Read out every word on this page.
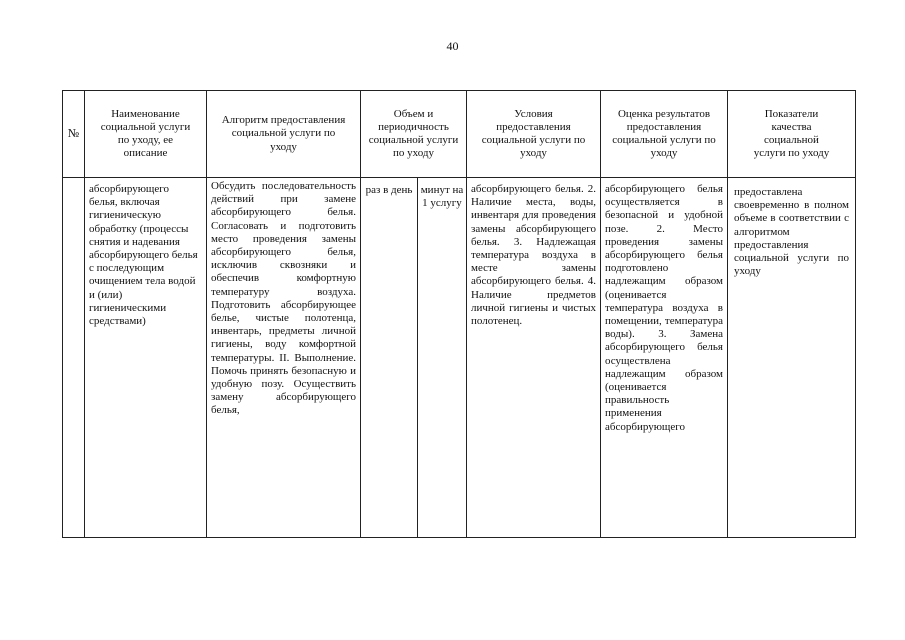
40
№
Наименование социальной услуги по уходу, ее описание
Алгоритм предоставления социальной услуги по уходу
Объем и периодичность социальной услуги по уходу
Условия предоставления социальной услуги по уходу
Оценка результатов предоставления социальной услуги по уходу
Показатели качества социальной услуги по уходу
абсорбирующего белья, включая гигиеническую обработку (процессы снятия и надевания абсорбирующего белья с последующим очищением тела водой и (или) гигиеническими средствами)
Обсудить последовательность действий при замене абсорбирующего белья. Согласовать и подготовить место проведения замены абсорбирующего белья, исключив сквозняки и обеспечив комфортную температуру воздуха. Подготовить абсорбирующее белье, чистые полотенца, инвентарь, предметы личной гигиены, воду комфортной температуры. II. Выполнение. Помочь принять безопасную и удобную позу. Осуществить замену абсорбирующего белья,
раз в день минут на 1 услугу
абсорбирующего белья. 2. Наличие места, воды, инвентаря для проведения замены абсорбирующего белья. 3. Надлежащая температура воздуха в месте замены абсорбирующего белья. 4. Наличие предметов личной гигиены и чистых полотенец.
абсорбирующего белья осуществляется в безопасной и удобной позе. 2. Место проведения замены абсорбирующего белья подготовлено надлежащим образом (оценивается температура воздуха в помещении, температура воды). 3. Замена абсорбирующего белья осуществлена надлежащим образом (оценивается правильность применения абсорбирующего
предоставлена своевременно в полном объеме в соответствии с алгоритмом предоставления социальной услуги по уходу
